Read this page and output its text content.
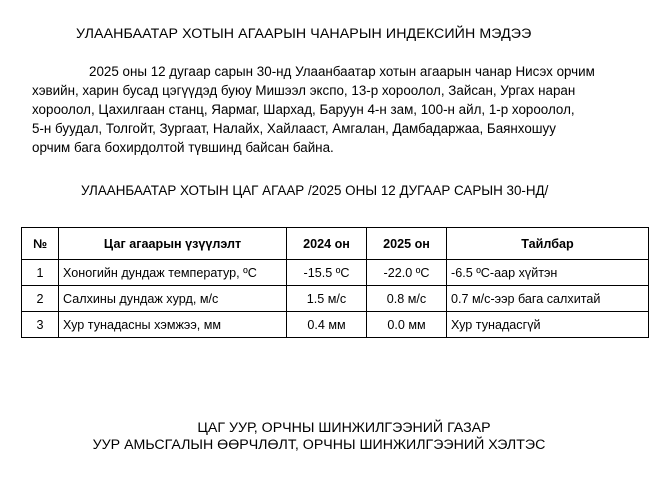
УЛААНБААТАР ХОТЫН АГААРЫН ЧАНАРЫН ИНДЕКСИЙН МЭДЭЭ
2025 оны 12 дугаар сарын 30-нд Улаанбаатар хотын агаарын чанар Нисэх орчим
хэвийн, харин бусад цэгүүдэд буюу Мишээл экспо, 13-р хороолол, Зайсан, Ургах наран
хороолол, Цахилгаан станц, Яармаг, Шархад, Баруун 4-н зам, 100-н айл, 1-р хороолол,
5-н буудал, Толгойт, Зургаат, Налайх, Хайлааст, Амгалан, Дамбадаржаа, Баянхошуу
орчим бага бохирдолтой түвшинд байсан байна.
УЛААНБААТАР ХОТЫН ЦАГ АГААР /2025 ОНЫ 12 ДУГААР САРЫН 30-НД/
№	Цаг агаарын үзүүлэлт	2024 он	2025 он	Тайлбар
1	Хоногийн дундаж температур, ºC	-15.5 ºC	-22.0 ºC	-6.5 ºC-аар хүйтэн
2	Салхины дундаж хурд, м/с	1.5 м/с	0.8 м/с	0.7 м/с-ээр бага салхитай
3	Хур тунадасны хэмжээ, мм	0.4 мм	0.0 мм	Хур тунадасгүй
ЦАГ УУР, ОРЧНЫ ШИНЖИЛГЭЭНИЙ ГАЗАР
УУР АМЬСГАЛЫН ӨӨРЧЛӨЛТ, ОРЧНЫ ШИНЖИЛГЭЭНИЙ ХЭЛТЭС
